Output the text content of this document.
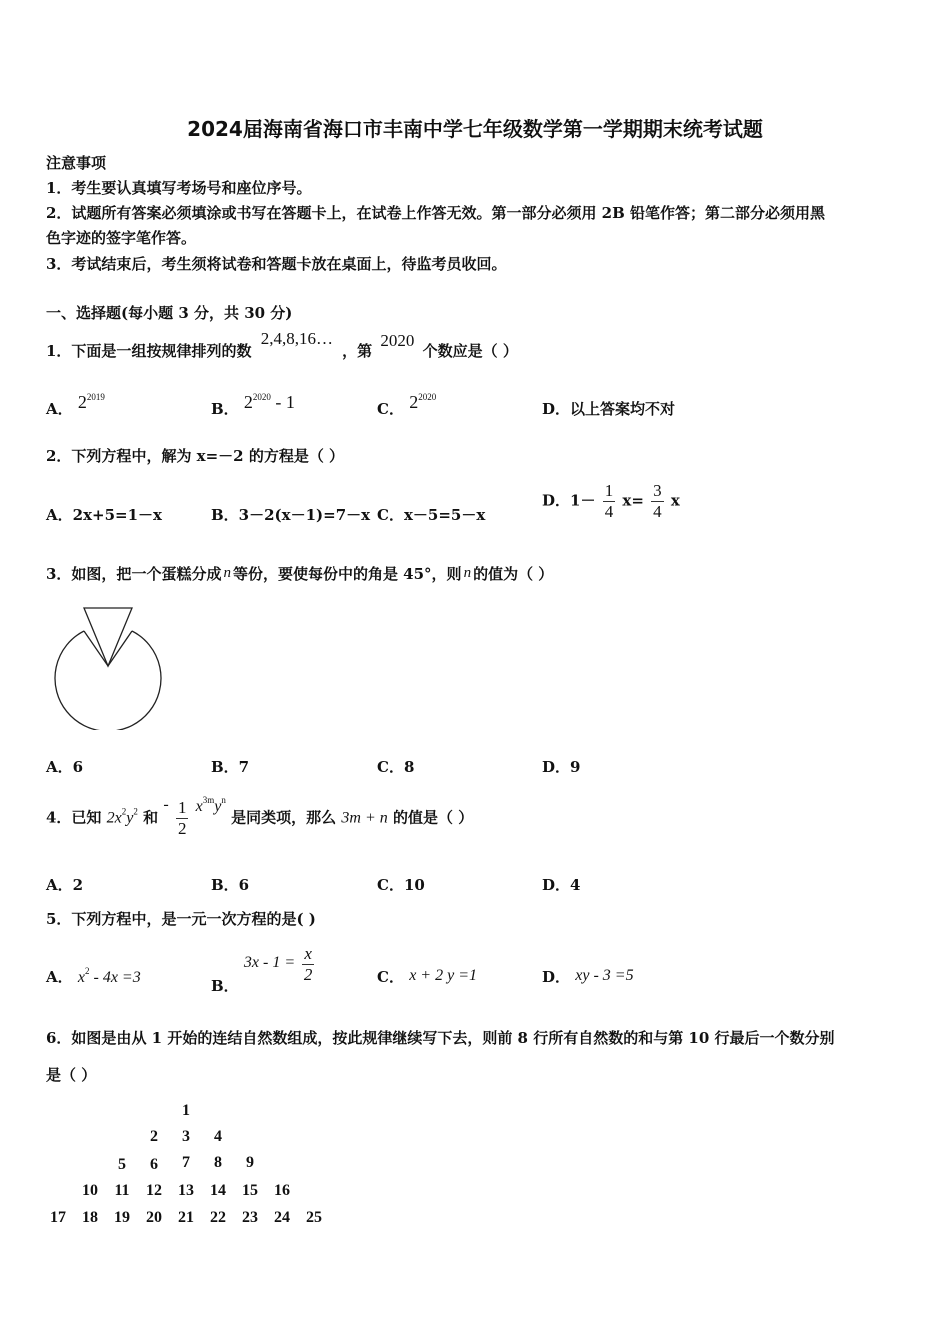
2024届海南省海口市丰南中学七年级数学第一学期期末统考试题
注意事项
1．考生要认真填写考场号和座位序号。
2．试题所有答案必须填涂或书写在答题卡上，在试卷上作答无效。第一部分必须用 2B 铅笔作答；第二部分必须用黑
色字迹的签字笔作答。
3．考试结束后，考生须将试卷和答题卡放在桌面上，待监考员收回。
一、选择题(每小题 3 分，共 30 分)
1．下面是一组按规律排列的数 2,4,8,16… ，第 2020 个数应是（ ）
A． $2^{2019}$
B． $2^{2020} - 1$	C． $2^{2020}$
D．以上答案均不对
2．下列方程中，解为 x=－2 的方程是（ ）
A．2x+5=1－x	B．3－2(x－1)=7－x C．x－5=5－x
D．$1- \frac{1}{4} x= \frac{3}{4}$ x
3．如图，把一个蛋糕分成 n 等份，要使每份中的角是 45°，则 n 的值为（ ）
A．6	B．7	C．8	D．9
4．已知 $2x^2y^2$ 和 - $\frac{1}{2} x^{3m}y^n$ 是同类项，那么 3m + n 的值是（ ）
A．2	B．6	C．10	D．4
5．下列方程中，是一元一次方程的是( )
A． $x^2 - 4x =3$	B． $3x - 1 = \frac{x}{2}$	C． x + 2 y =1	D． xy - 3 =5
6．如图是由从 1 开始的连结自然数组成，按此规律继续写下去，则前 8 行所有自然数的和与第 10 行最后一个数分别
是（ ）
1
2	3	4
5	6	7	8	9
10	11	12	13	14	15	16
17	18	19	20	21	22	23	24	25
